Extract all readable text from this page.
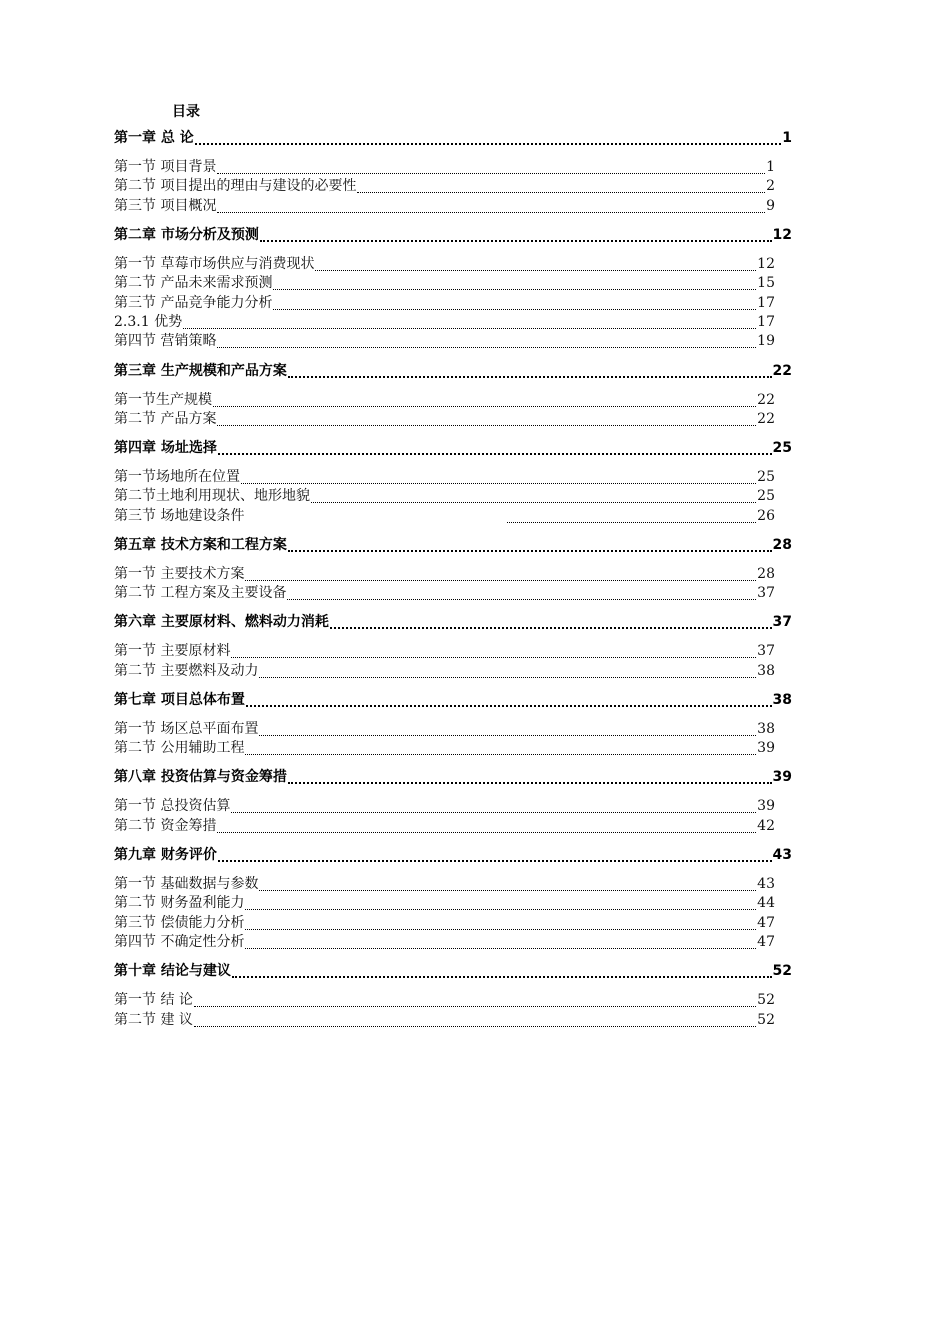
目录
第一章 总 论	1
第一节 项目背景	1
第二节 项目提出的理由与建设的必要性	2
第三节 项目概况	9
第二章 市场分析及预测	12
第一节 草莓市场供应与消费现状	12
第二节 产品未来需求预测	15
第三节 产品竞争能力分析	17
2.3.1 优势	17
第四节 营销策略	19
第三章 生产规模和产品方案	22
第一节生产规模	22
第二节 产品方案	22
第四章 场址选择	25
第一节场地所在位置	25
第二节土地利用现状、地形地貌	25
第三节 场地建设条件	26
第五章 技术方案和工程方案	28
第一节 主要技术方案	28
第二节 工程方案及主要设备	37
第六章 主要原材料、燃料动力消耗	37
第一节 主要原材料	37
第二节 主要燃料及动力	38
第七章 项目总体布置	38
第一节 场区总平面布置	38
第二节 公用辅助工程	39
第八章 投资估算与资金筹措	39
第一节 总投资估算	39
第二节 资金筹措	42
第九章 财务评价	43
第一节 基础数据与参数	43
第二节 财务盈利能力	44
第三节 偿债能力分析	47
第四节 不确定性分析	47
第十章 结论与建议	52
第一节 结 论	52
第二节 建 议	52
